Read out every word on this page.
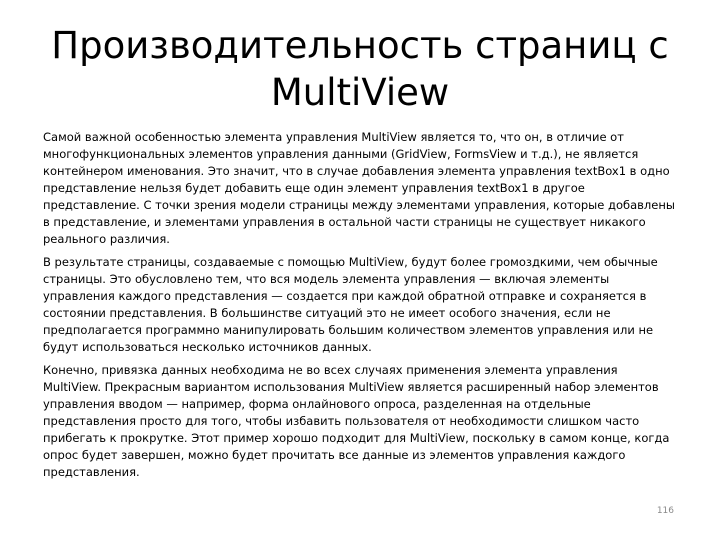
Производительность страниц с MultiView

Самой важной особенностью элемента управления MultiView является то, что он, в отличие от многофункциональных элементов управления данными (GridView, FormsView и т.д.), не является контейнером именования. Это значит, что в случае добавления элемента управления textBox1 в одно представление нельзя будет добавить еще один элемент управления textBox1 в другое представление. С точки зрения модели страницы между элементами управления, которые добавлены в представление, и элементами управления в остальной части страницы не существует никакого реального различия.

В результате страницы, создаваемые с помощью MultiView, будут более громоздкими, чем обычные страницы. Это обусловлено тем, что вся модель элемента управления — включая элементы управления каждого представления — создается при каждой обратной отправке и сохраняется в состоянии представления. В большинстве ситуаций это не имеет особого значения, если не предполагается программно манипулировать большим количеством элементов управления или не будут использоваться несколько источников данных.

Конечно, привязка данных необходима не во всех случаях применения элемента управления MultiView. Прекрасным вариантом использования MultiView является расширенный набор элементов управления вводом — например, форма онлайнового опроса, разделенная на отдельные представления просто для того, чтобы избавить пользователя от необходимости слишком часто прибегать к прокрутке. Этот пример хорошо подходит для MultiView, поскольку в самом конце, когда опрос будет завершен, можно будет прочитать все данные из элементов управления каждого представления.

116
